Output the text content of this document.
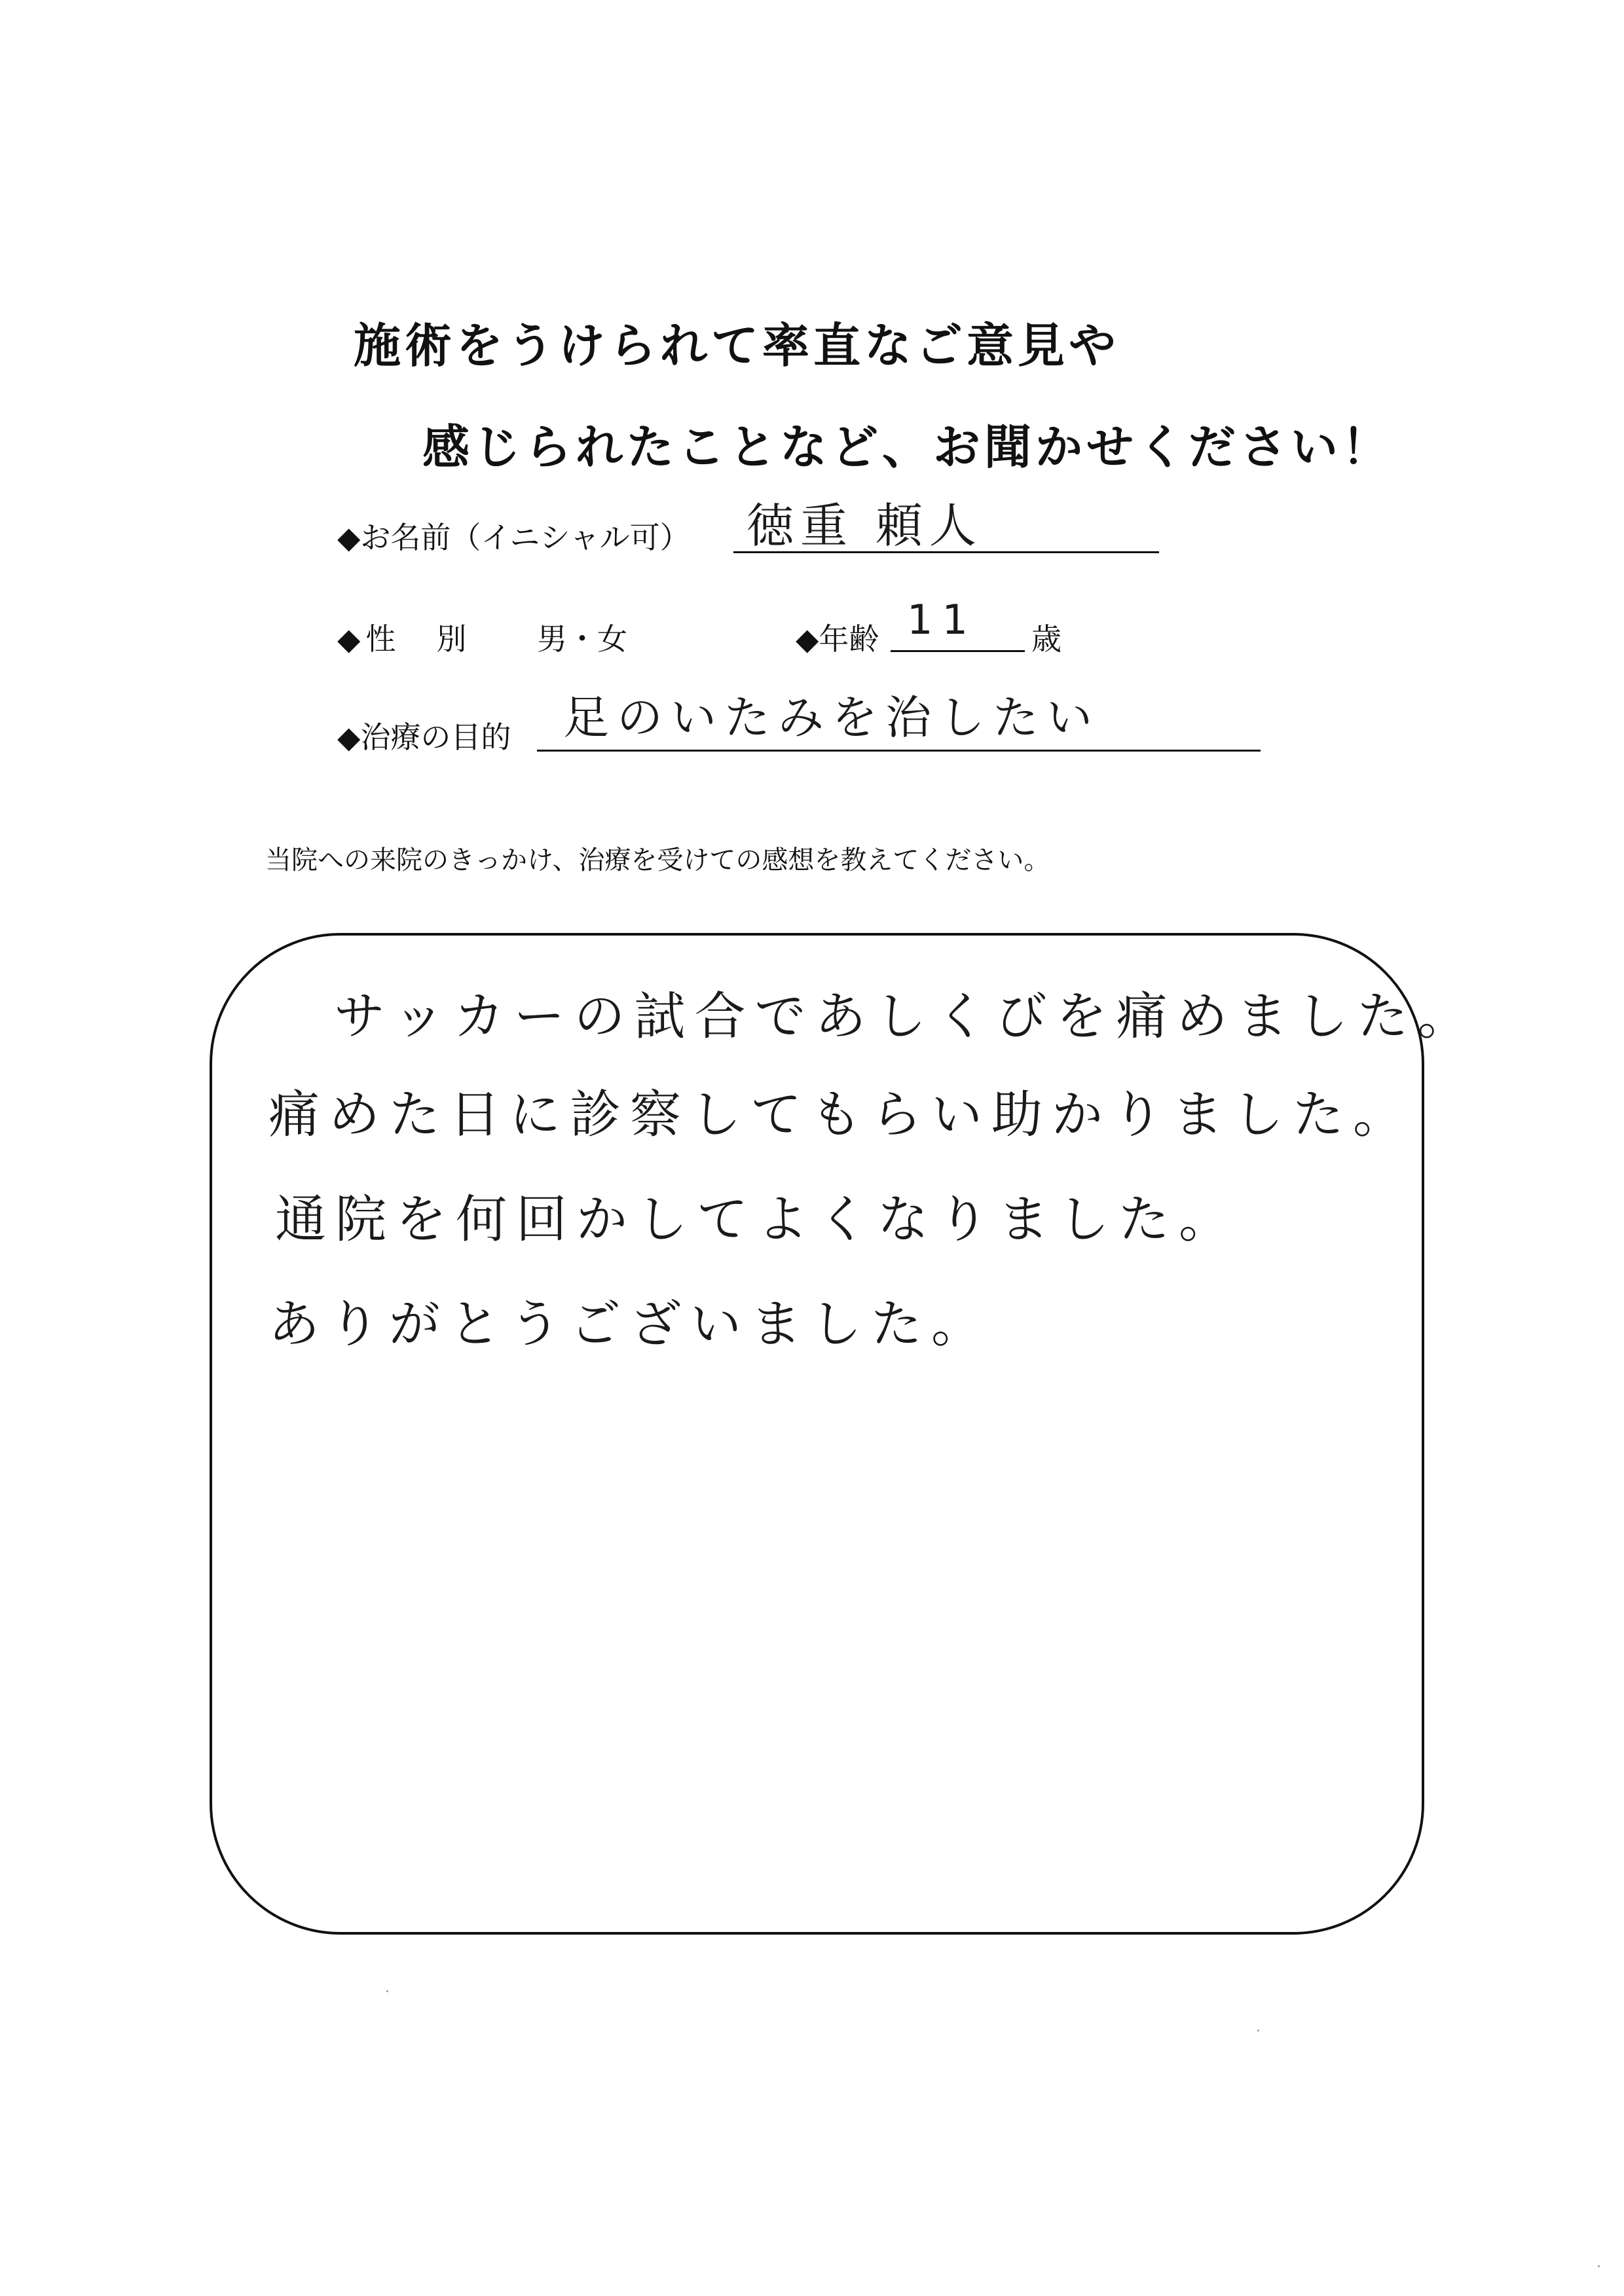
施術をうけられて率直なご意見や
感じられたことなど、お聞かせください！
◆お名前（イニシャル可） 徳重 頼人
◆性　別 男・女	◆年齢 11 歳
◆治療の目的 足のいたみを治したい
当院への来院のきっかけ、治療を受けての感想を教えてください。
サッカーの試合であしくびを痛めました。
痛めた日に診察してもらい助かりました。
通院を何回かしてよくなりました。
ありがとうございました。
